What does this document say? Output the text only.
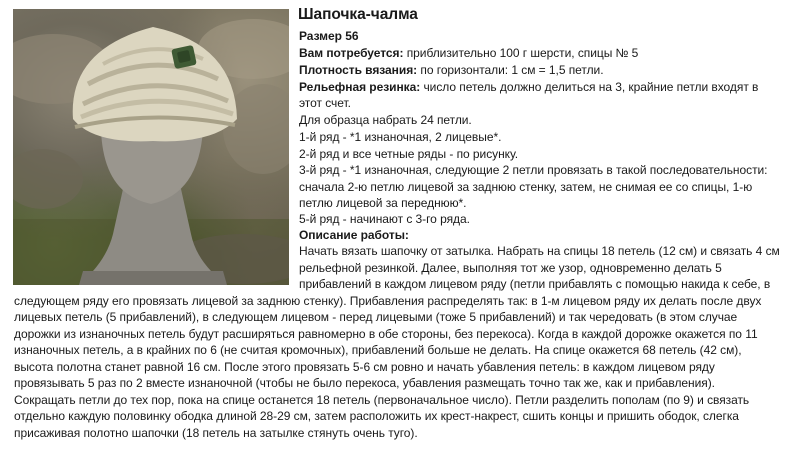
Шапочка-чалма
Размер 56
Вам потребуется: приблизительно 100 г шерсти, спицы № 5
Плотность вязания: по горизонтали: 1 см = 1,5 петли.
Рельефная резинка: число петель должно делиться на 3, крайние петли входят в
этот счет.
Для образца набрать 24 петли.
1-й ряд - *1 изнаночная, 2 лицевые*.
2-й ряд и все четные ряды - по рисунку.
3-й ряд - *1 изнаночная, следующие 2 петли провязать в такой последовательности:
сначала 2-ю петлю лицевой за заднюю стенку, затем, не снимая ее со спицы, 1-ю
петлю лицевой за переднюю*.
5-й ряд - начинают с 3-го ряда.
Описание работы:
Начать вязать шапочку от затылка. Набрать на спицы 18 петель (12 см) и связать 4 см
рельефной резинкой. Далее, выполняя тот же узор, одновременно делать 5
прибавлений в каждом лицевом ряду (петли прибавлять с помощью накида к себе, в
следующем ряду его провязать лицевой за заднюю стенку). Прибавления распределять так: в 1-м лицевом ряду их делать после двух
лицевых петель (5 прибавлений), в следующем лицевом - перед лицевыми (тоже 5 прибавлений) и так чередовать (в этом случае
дорожки из изнаночных петель будут расширяться равномерно в обе стороны, без перекоса). Когда в каждой дорожке окажется по 11
изнаночных петель, а в крайних по 6 (не считая кромочных), прибавлений больше не делать. На спице окажется 68 петель (42 см),
высота полотна станет равной 16 см. После этого провязать 5-6 см ровно и начать убавления петель: в каждом лицевом ряду
провязывать 5 раз по 2 вместе изнаночной (чтобы не было перекоса, убавления размещать точно так же, как и прибавления).
Сокращать петли до тех пор, пока на спице останется 18 петель (первоначальное число). Петли разделить пополам (по 9) и связать
отдельно каждую половинку ободка длиной 28-29 см, затем расположить их крест-накрест, сшить концы и пришить ободок, слегка
присаживая полотно шапочки (18 петель на затылке стянуть очень туго).
